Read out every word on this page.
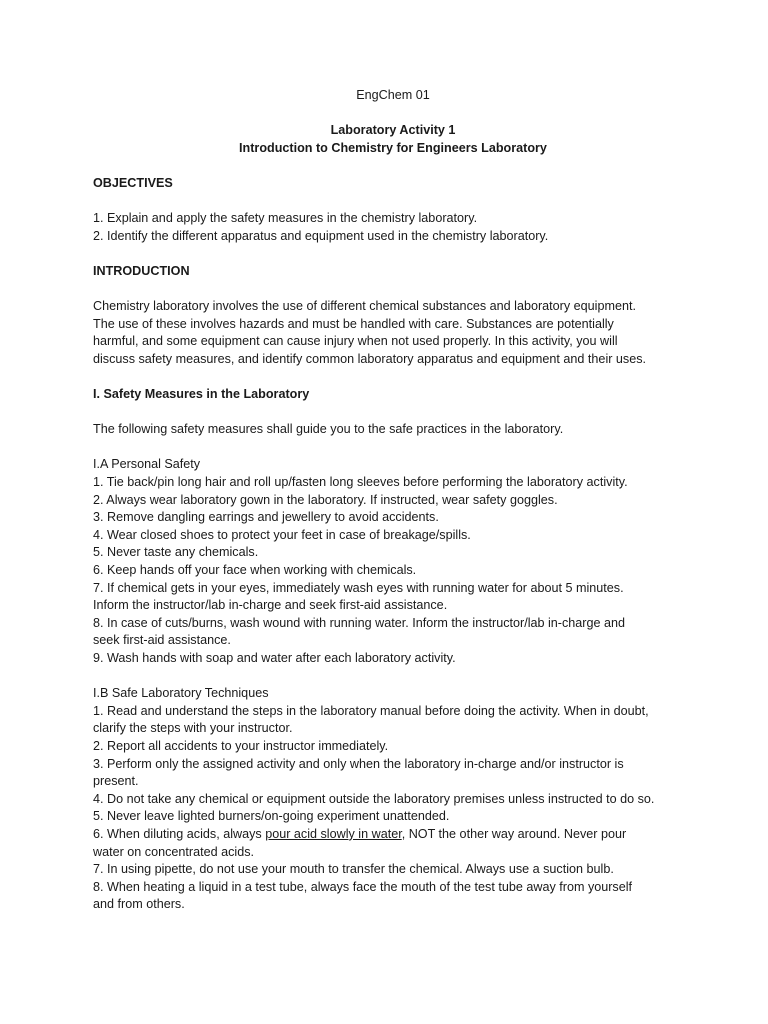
EngChem 01

Laboratory Activity 1

Introduction to Chemistry for Engineers Laboratory

OBJECTIVES

1. Explain and apply the safety measures in the chemistry laboratory.

2. Identify the different apparatus and equipment used in the chemistry laboratory.

INTRODUCTION

Chemistry laboratory involves the use of different chemical substances and laboratory equipment.

The use of these involves hazards and must be handled with care. Substances are potentially

harmful, and some equipment can cause injury when not used properly. In this activity, you will

discuss safety measures, and identify common laboratory apparatus and equipment and their uses.

I. Safety Measures in the Laboratory

The following safety measures shall guide you to the safe practices in the laboratory.

I.A Personal Safety

1. Tie back/pin long hair and roll up/fasten long sleeves before performing the laboratory activity.

2. Always wear laboratory gown in the laboratory. If instructed, wear safety goggles.

3. Remove dangling earrings and jewellery to avoid accidents.

4. Wear closed shoes to protect your feet in case of breakage/spills.

5. Never taste any chemicals.

6. Keep hands off your face when working with chemicals.

7. If chemical gets in your eyes, immediately wash eyes with running water for about 5 minutes.

Inform the instructor/lab in-charge and seek first-aid assistance.

8. In case of cuts/burns, wash wound with running water. Inform the instructor/lab in-charge and

seek first-aid assistance.

9. Wash hands with soap and water after each laboratory activity.

I.B Safe Laboratory Techniques

1. Read and understand the steps in the laboratory manual before doing the activity. When in doubt,

clarify the steps with your instructor.

2. Report all accidents to your instructor immediately.

3. Perform only the assigned activity and only when the laboratory in-charge and/or instructor is

present.

4. Do not take any chemical or equipment outside the laboratory premises unless instructed to do so.

5. Never leave lighted burners/on-going experiment unattended.

6. When diluting acids, always pour acid slowly in water, NOT the other way around. Never pour

water on concentrated acids.

7. In using pipette, do not use your mouth to transfer the chemical. Always use a suction bulb.

8. When heating a liquid in a test tube, always face the mouth of the test tube away from yourself

and from others.
